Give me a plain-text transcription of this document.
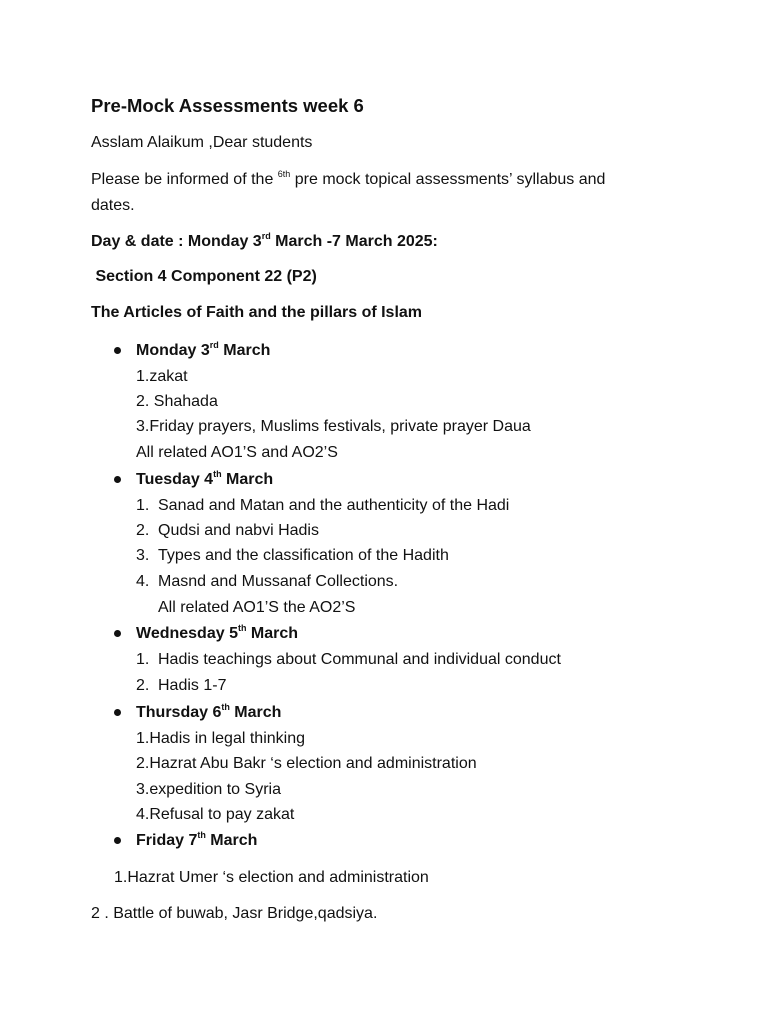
Pre-Mock Assessments week 6
Asslam Alaikum ,Dear students
Please be informed of the $^{6th}$ pre mock topical assessments’ syllabus and
dates.
Day & date : Monday 3rd March -7 March 2025:
Section 4 Component 22 (P2)
The Articles of Faith and the pillars of Islam
Monday 3rd March
1.zakat
2. Shahada
3.Friday prayers, Muslims festivals, private prayer Daua
All related AO1’S and AO2’S
Tuesday 4th March
1. Sanad and Matan and the authenticity of the Hadi
2. Qudsi and nabvi Hadis
3. Types and the classification of the Hadith
4. Masnd and Mussanaf Collections.
All related AO1’S the AO2’S
Wednesday 5th March
1. Hadis teachings about Communal and individual conduct
2. Hadis 1-7
Thursday 6th March
1.Hadis in legal thinking
2.Hazrat Abu Bakr ‘s election and administration
3.expedition to Syria
4.Refusal to pay zakat
Friday 7th March
1.Hazrat Umer ‘s election and administration
2 . Battle of buwab, Jasr Bridge,qadsiya.
